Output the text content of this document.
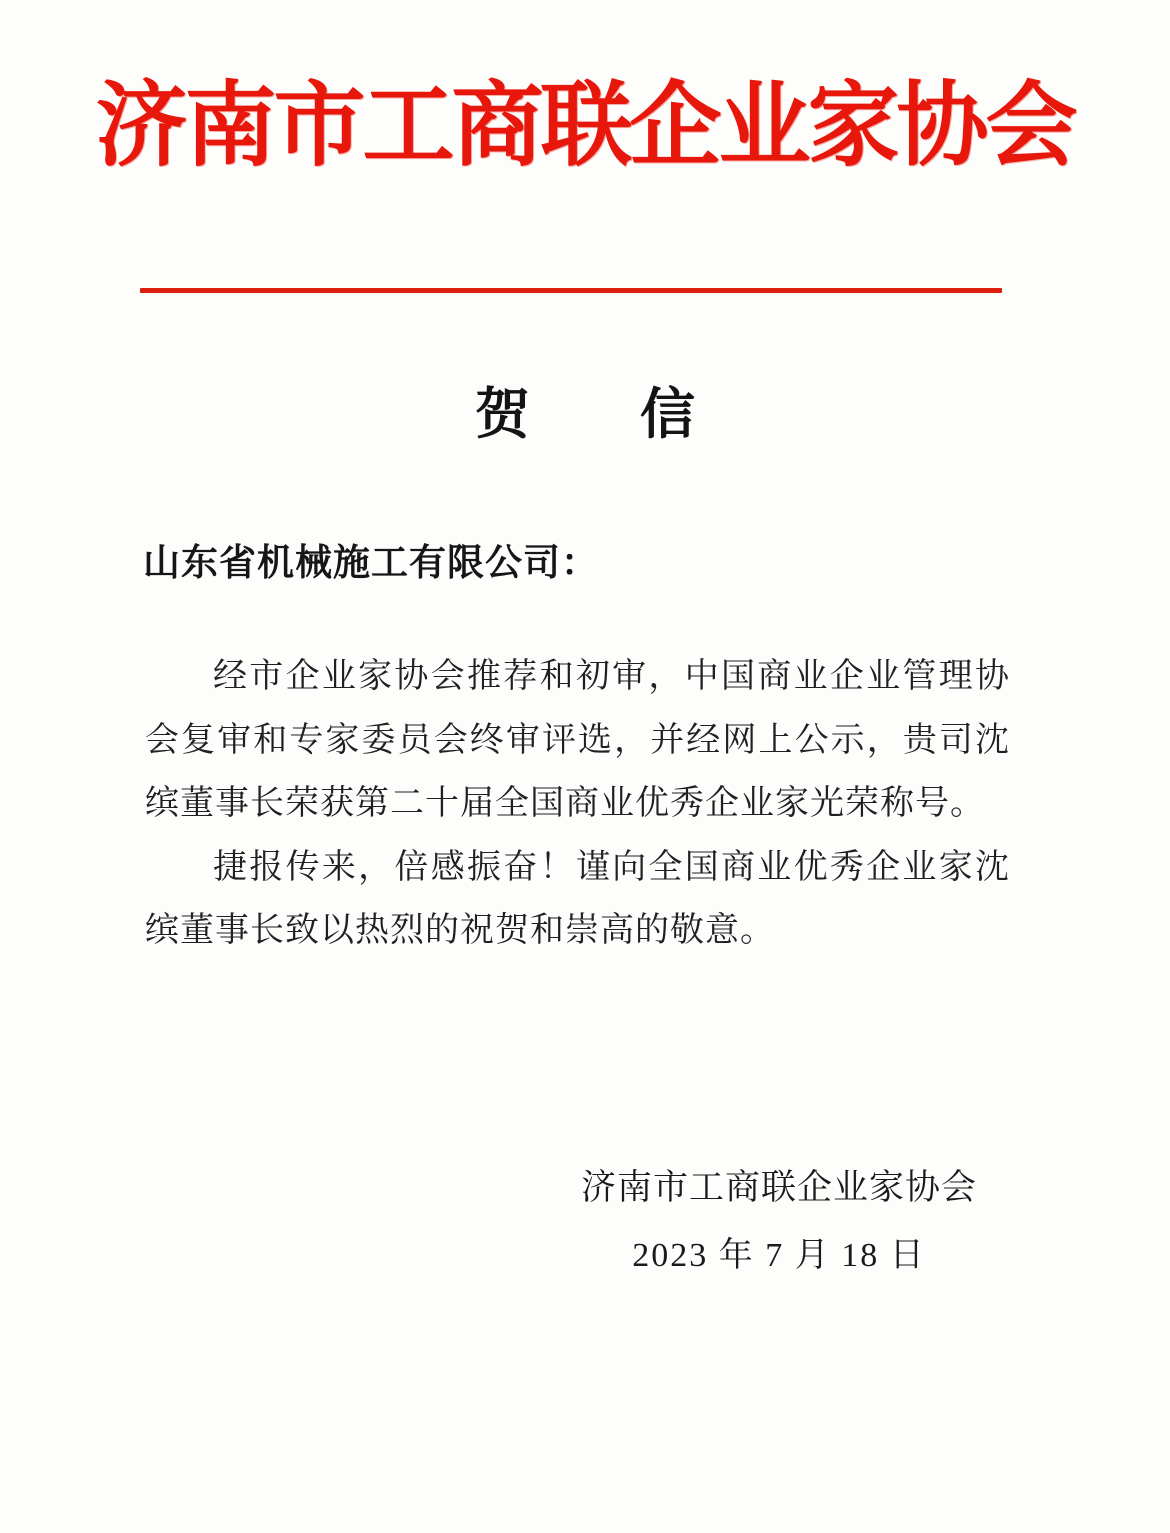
济南市工商联企业家协会
贺　　信
山东省机械施工有限公司：

经市企业家协会推荐和初审，中国商业企业管理协会复审和专家委员会终审评选，并经网上公示，贵司沈缤董事长荣获第二十届全国商业优秀企业家光荣称号。

捷报传来，倍感振奋！谨向全国商业优秀企业家沈缤董事长致以热烈的祝贺和崇高的敬意。

济南市工商联企业家协会

2023 年 7 月 18 日
